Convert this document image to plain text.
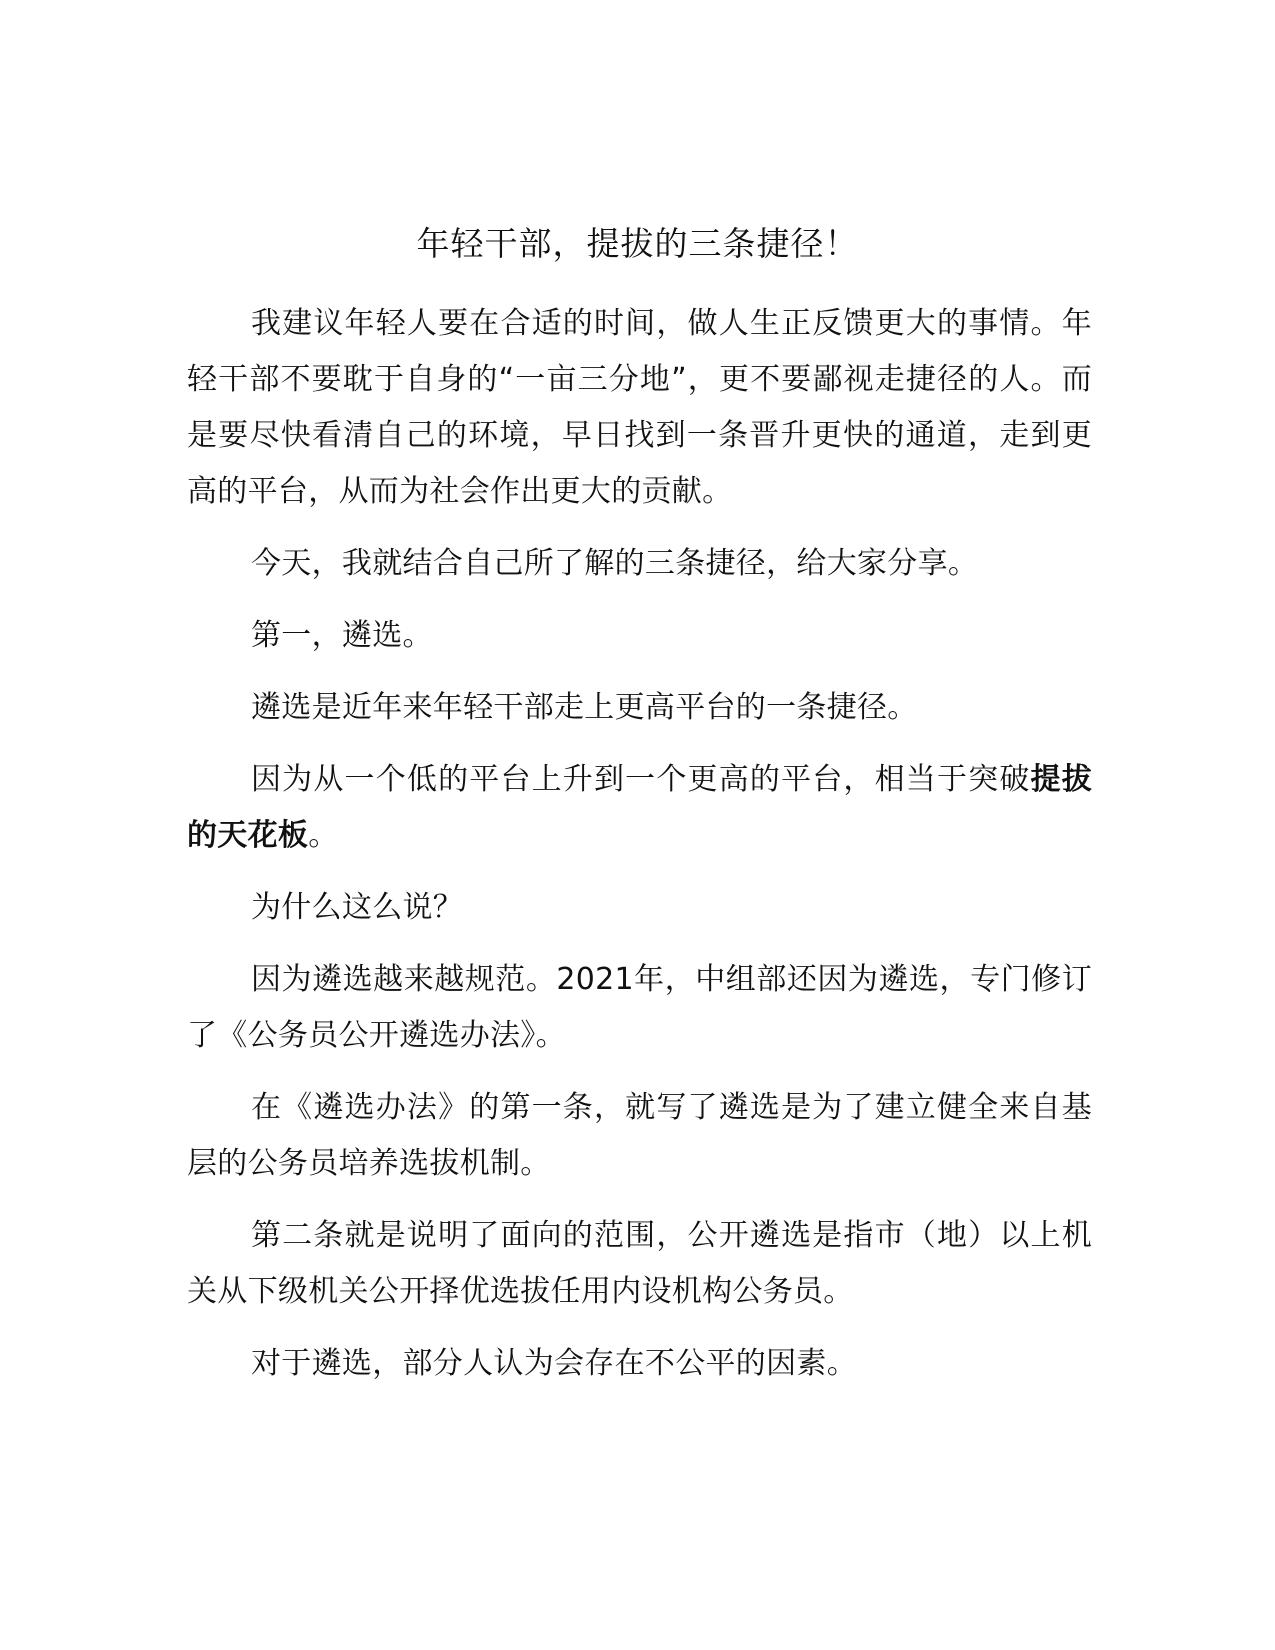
年轻干部，提拔的三条捷径！

我建议年轻人要在合适的时间，做人生正反馈更大的事情。年轻干部不要耽于自身的“一亩三分地”，更不要鄙视走捷径的人。而是要尽快看清自己的环境，早日找到一条晋升更快的通道，走到更高的平台，从而为社会作出更大的贡献。

今天，我就结合自己所了解的三条捷径，给大家分享。

第一，遴选。

遴选是近年来年轻干部走上更高平台的一条捷径。

因为从一个低的平台上升到一个更高的平台，相当于突破提拔的天花板。

为什么这么说？

因为遴选越来越规范。2021年，中组部还因为遴选，专门修订了《公务员公开遴选办法》。

在《遴选办法》的第一条，就写了遴选是为了建立健全来自基层的公务员培养选拔机制。

第二条就是说明了面向的范围，公开遴选是指市（地）以上机关从下级机关公开择优选拔任用内设机构公务员。

对于遴选，部分人认为会存在不公平的因素。
